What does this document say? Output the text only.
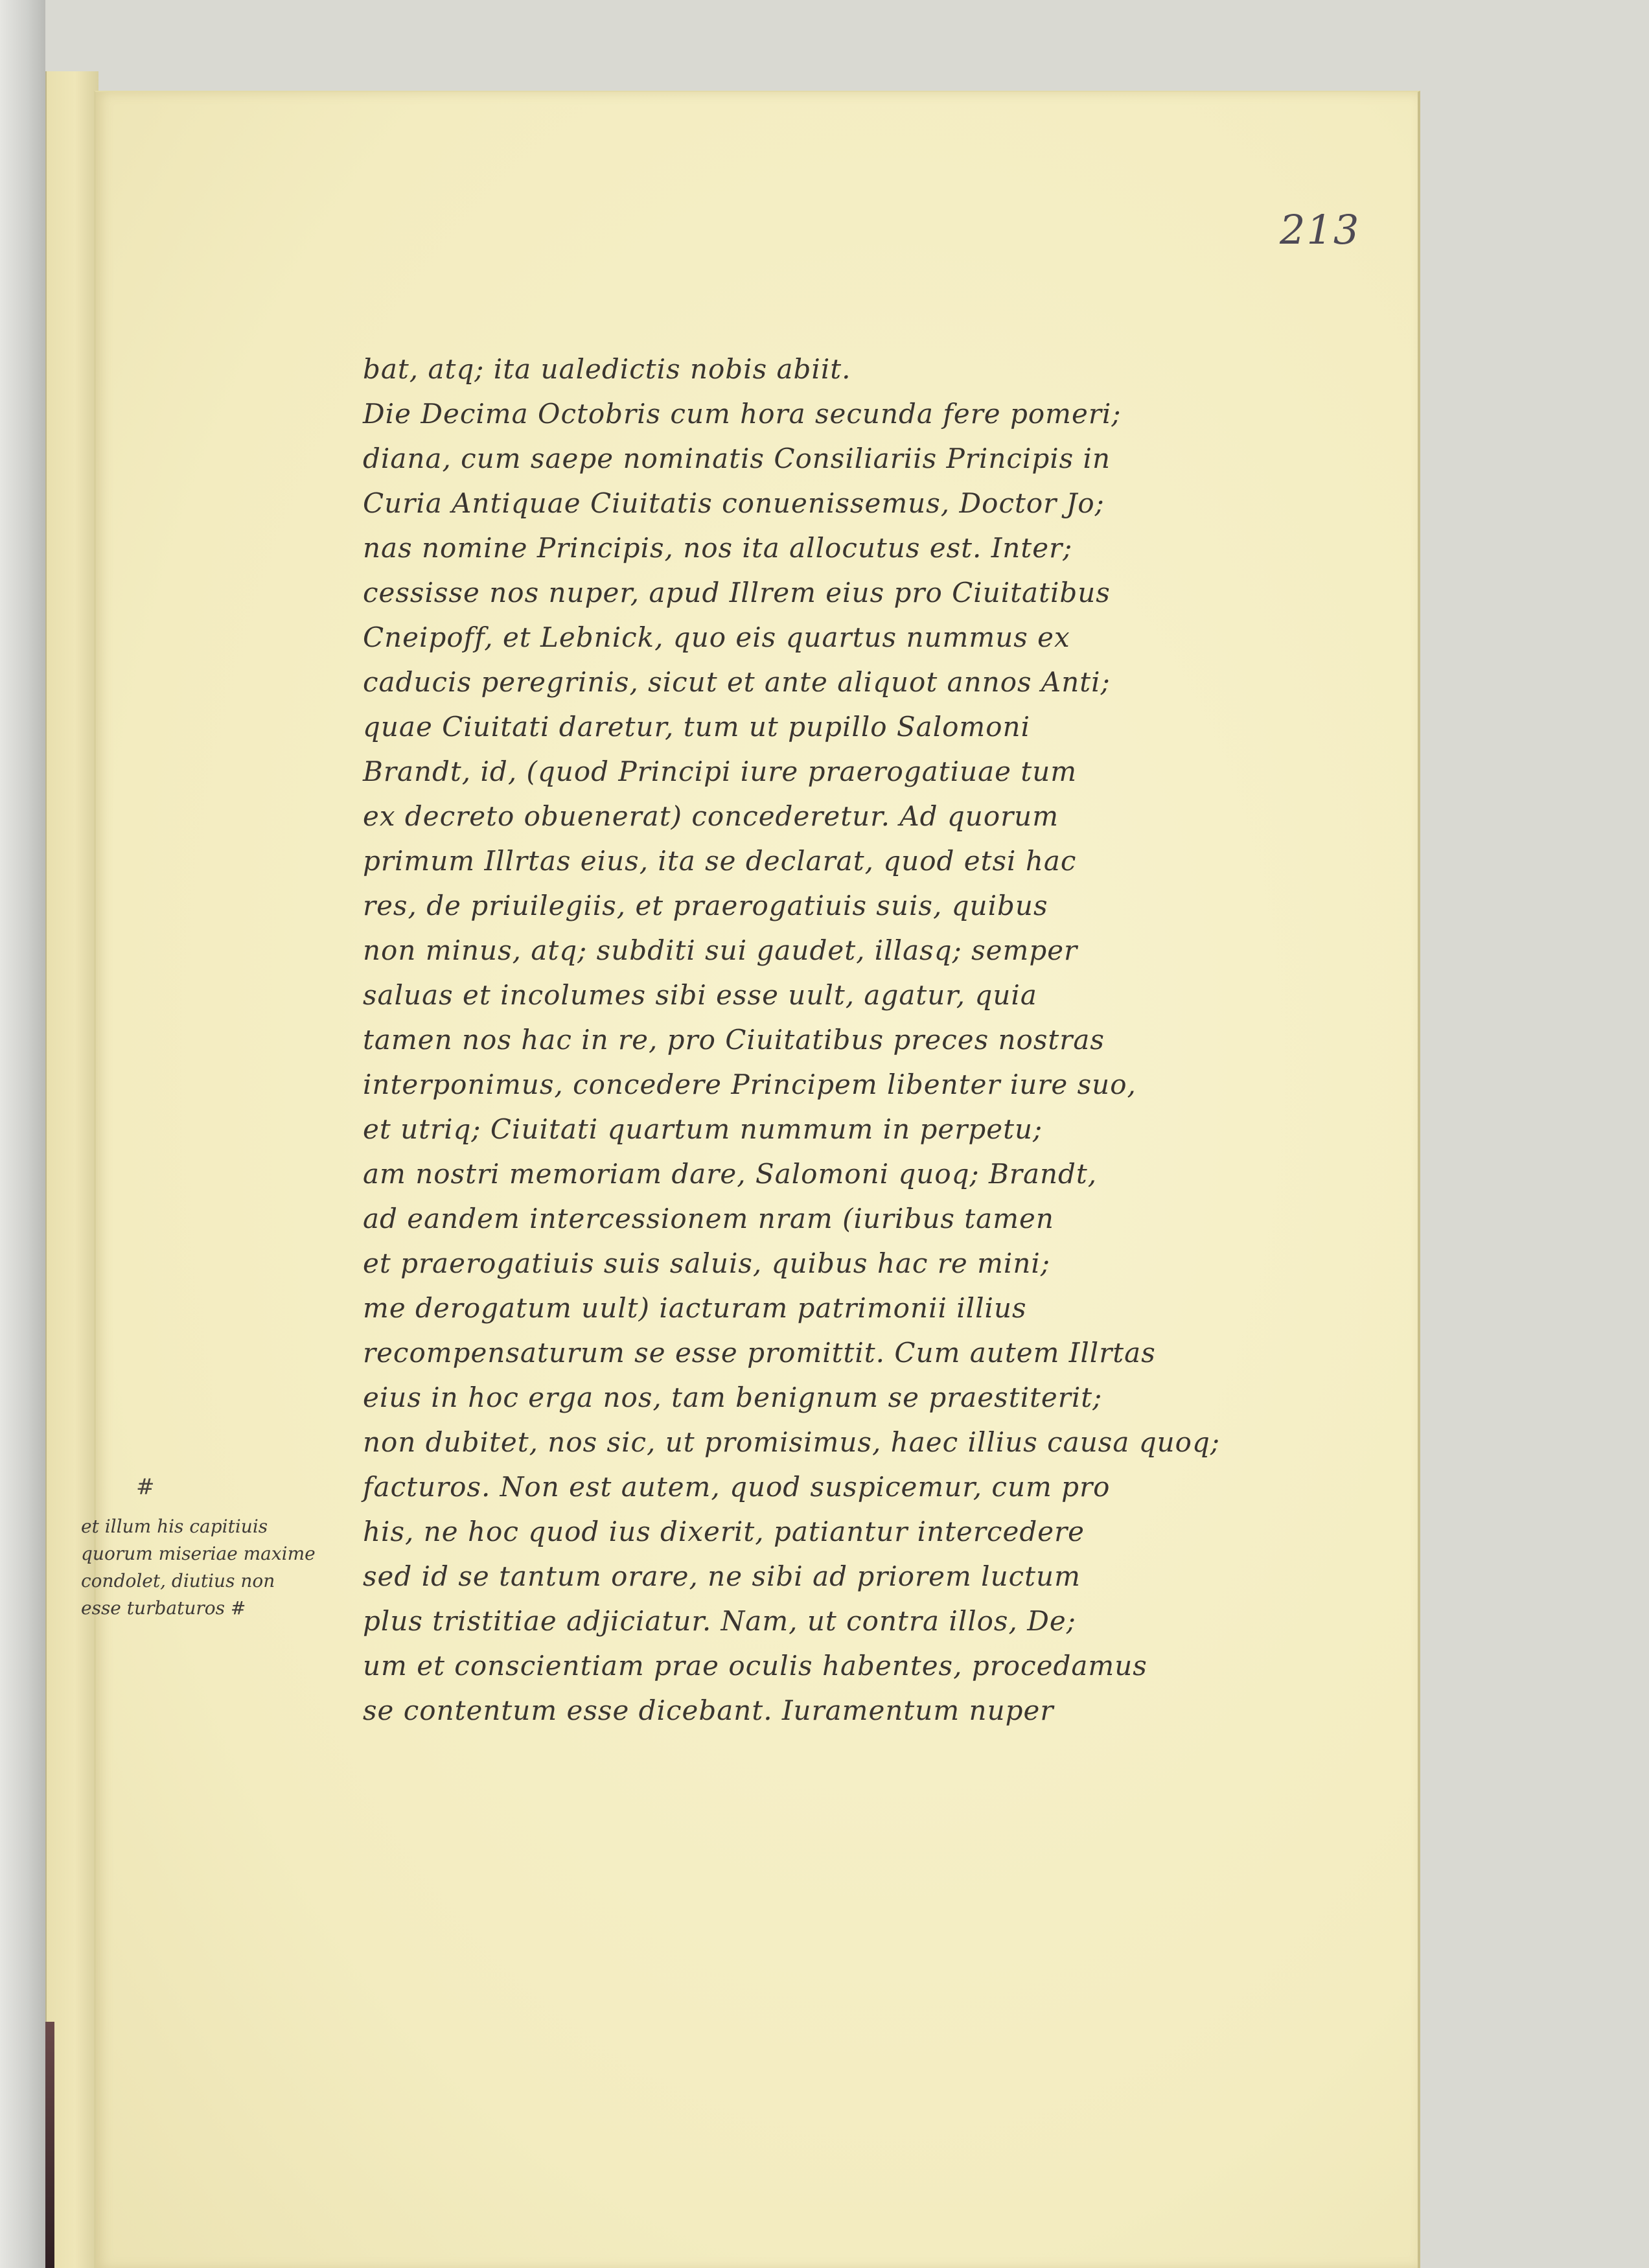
213
bat, atq; ita ualedictis nobis abiit.
Die Decima Octobris cum hora secunda fere pomeri;
diana, cum saepe nominatis Consiliariis Principis in
Curia Antiquae Ciuitatis conuenissemus, Doctor Jo;
nas nomine Principis, nos ita allocutus est. Inter;
cessisse nos nuper, apud Illrem eius pro Ciuitatibus
Cneipoff, et Lebnick, quo eis quartus nummus ex
caducis peregrinis, sicut et ante aliquot annos Anti;
quae Ciuitati daretur, tum ut pupillo Salomoni
Brandt, id, (quod Principi iure praerogatiuae tum
ex decreto obuenerat) concederetur. Ad quorum
primum Illrtas eius, ita se declarat, quod etsi hac
res, de priuilegiis, et praerogatiuis suis, quibus
non minus, atq; subditi sui gaudet, illasq; semper
saluas et incolumes sibi esse uult, agatur, quia
tamen nos hac in re, pro Ciuitatibus preces nostras
interponimus, concedere Principem libenter iure suo,
et utriq; Ciuitati quartum nummum in perpetu;
am nostri memoriam dare, Salomoni quoq; Brandt,
ad eandem intercessionem nram (iuribus tamen
et praerogatiuis suis saluis, quibus hac re mini;
me derogatum uult) iacturam patrimonii illius
recompensaturum se esse promittit. Cum autem Illrtas
eius in hoc erga nos, tam benignum se praestiterit;
non dubitet, nos sic, ut promisimus, haec illius causa quoq;
facturos. Non est autem, quod suspicemur, cum pro
his, ne hoc quod ius dixerit, patiantur intercedere
sed id se tantum orare, ne sibi ad priorem luctum
plus tristitiae adjiciatur. Nam, ut contra illos, De;
um et conscientiam prae oculis habentes, procedamus
se contentum esse dicebant. Iuramentum nuper
#
et illum his capitiuis
quorum miseriae maxime
condolet, diutius non
esse turbaturos #
